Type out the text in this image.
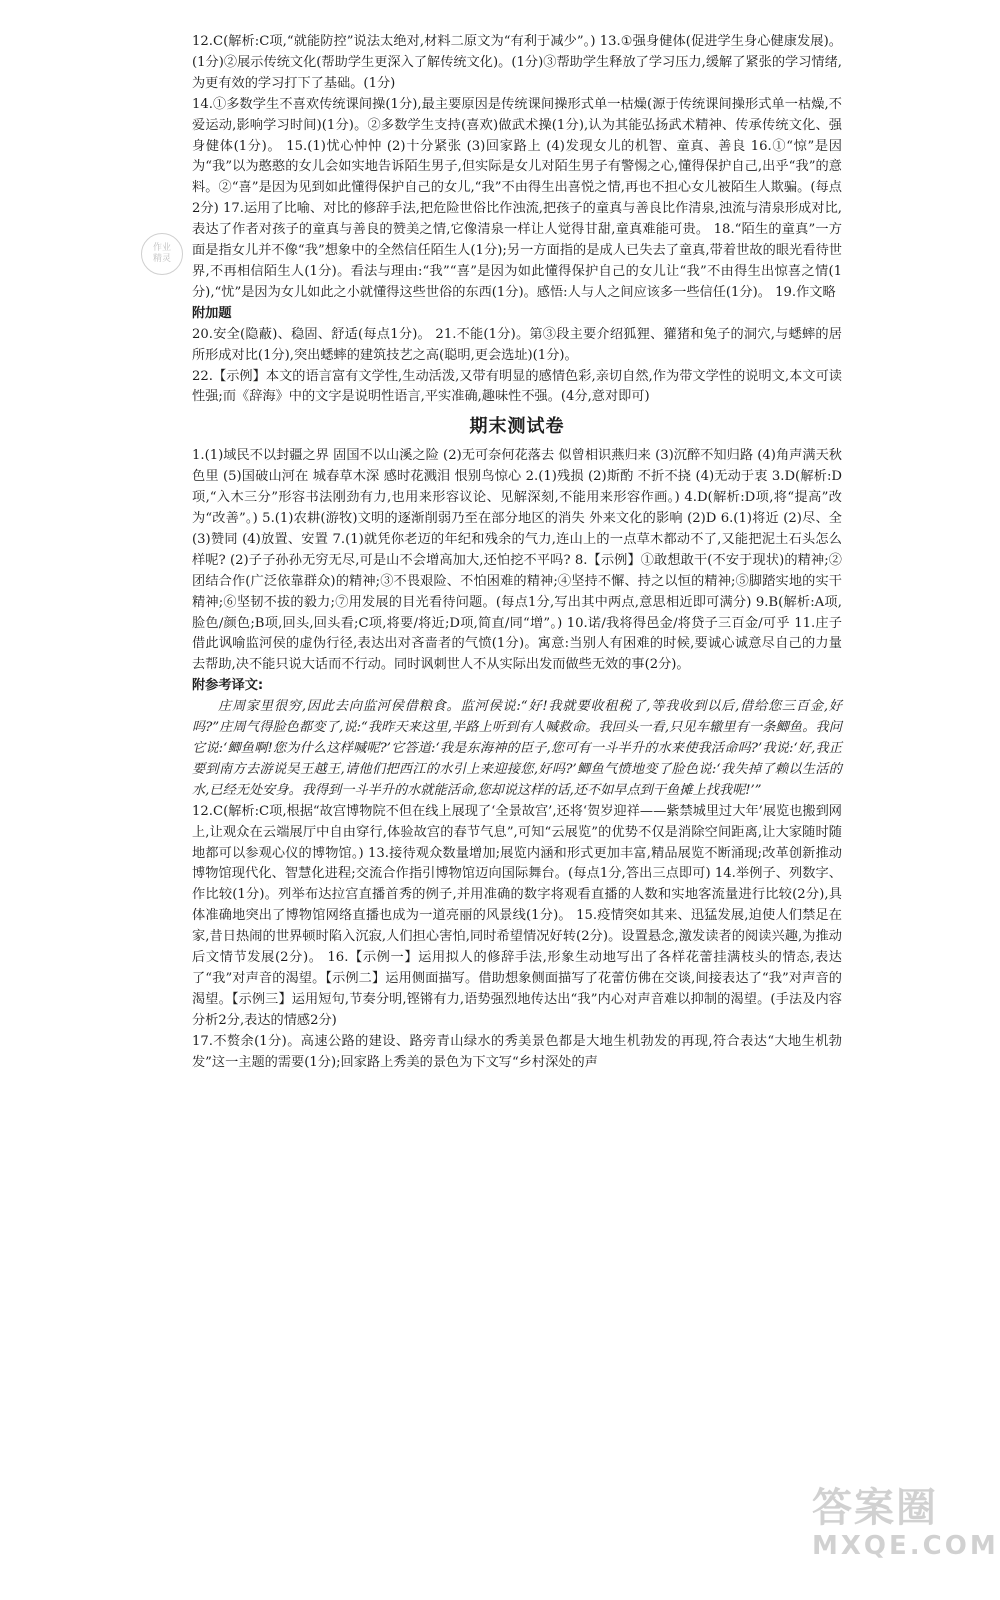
作业
精灵

12.C(解析:C项,“就能防控”说法太绝对,材料二原文为“有利于减少”。) 13.①强身健体(促进学生身心健康发展)。(1分)②展示传统文化(帮助学生更深入了解传统文化)。(1分)③帮助学生释放了学习压力,缓解了紧张的学习情绪,为更有效的学习打下了基础。(1分)

14.①多数学生不喜欢传统课间操(1分),最主要原因是传统课间操形式单一枯燥(源于传统课间操形式单一枯燥,不爱运动,影响学习时间)(1分)。②多数学生支持(喜欢)做武术操(1分),认为其能弘扬武术精神、传承传统文化、强身健体(1分)。 15.(1)忧心忡忡 (2)十分紧张 (3)回家路上 (4)发现女儿的机智、童真、善良 16.①“惊”是因为“我”以为憨憨的女儿会如实地告诉陌生男子,但实际是女儿对陌生男子有警惕之心,懂得保护自己,出乎“我”的意料。②“喜”是因为见到如此懂得保护自己的女儿,“我”不由得生出喜悦之情,再也不担心女儿被陌生人欺骗。(每点2分) 17.运用了比喻、对比的修辞手法,把危险世俗比作浊流,把孩子的童真与善良比作清泉,浊流与清泉形成对比,表达了作者对孩子的童真与善良的赞美之情,它像清泉一样让人觉得甘甜,童真难能可贵。 18.“陌生的童真”一方面是指女儿并不像“我”想象中的全然信任陌生人(1分);另一方面指的是成人已失去了童真,带着世故的眼光看待世界,不再相信陌生人(1分)。看法与理由:“我”“喜”是因为如此懂得保护自己的女儿让“我”不由得生出惊喜之情(1分),“忧”是因为女儿如此之小就懂得这些世俗的东西(1分)。感悟:人与人之间应该多一些信任(1分)。 19.作文略

附加题

20.安全(隐蔽)、稳固、舒适(每点1分)。 21.不能(1分)。第③段主要介绍狐狸、獾猪和兔子的洞穴,与蟋蟀的居所形成对比(1分),突出蟋蟀的建筑技艺之高(聪明,更会选址)(1分)。

22.【示例】本文的语言富有文学性,生动活泼,又带有明显的感情色彩,亲切自然,作为带文学性的说明文,本文可读性强;而《辞海》中的文字是说明性语言,平实准确,趣味性不强。(4分,意对即可)

期末测试卷

1.(1)域民不以封疆之界 固国不以山溪之险 (2)无可奈何花落去 似曾相识燕归来 (3)沉醉不知归路 (4)角声满天秋色里 (5)国破山河在 城春草木深 感时花溅泪 恨别鸟惊心 2.(1)残损 (2)斯酌 不折不挠 (4)无动于衷 3.D(解析:D项,“入木三分”形容书法刚劲有力,也用来形容议论、见解深刻,不能用来形容作画。) 4.D(解析:D项,将“提高”改为“改善”。) 5.(1)农耕(游牧)文明的逐渐削弱乃至在部分地区的消失 外来文化的影响 (2)D 6.(1)将近 (2)尽、全 (3)赞同 (4)放置、安置 7.(1)就凭你老迈的年纪和残余的气力,连山上的一点草木都动不了,又能把泥土石头怎么样呢? (2)子子孙孙无穷无尽,可是山不会增高加大,还怕挖不平吗? 8.【示例】①敢想敢干(不安于现状)的精神;②团结合作(广泛依靠群众)的精神;③不畏艰险、不怕困难的精神;④坚持不懈、持之以恒的精神;⑤脚踏实地的实干精神;⑥坚韧不拔的毅力;⑦用发展的目光看待问题。(每点1分,写出其中两点,意思相近即可满分) 9.B(解析:A项,脸色/颜色;B项,回头,回头看;C项,将要/将近;D项,简直/同“增”。) 10.诺/我将得邑金/将贷子三百金/可乎 11.庄子借此讽喻监河侯的虚伪行径,表达出对吝啬者的气愤(1分)。寓意:当别人有困难的时候,要诚心诚意尽自己的力量去帮助,决不能只说大话而不行动。同时讽刺世人不从实际出发而做些无效的事(2分)。

附参考译文:

庄周家里很穷,因此去向监河侯借粮食。监河侯说:“好!我就要收租税了,等我收到以后,借给您三百金,好吗?”庄周气得脸色都变了,说:“我昨天来这里,半路上听到有人喊救命。我回头一看,只见车辙里有一条鲫鱼。我问它说:‘鲫鱼啊!您为什么这样喊呢?’它答道:‘我是东海神的臣子,您可有一斗半升的水来使我活命吗?’我说:‘好,我正要到南方去游说吴王越王,请他们把西江的水引上来迎接您,好吗?’鲫鱼气愤地变了脸色说:‘我失掉了赖以生活的水,已经无处安身。我得到一斗半升的水就能活命,您却说这样的话,还不如早点到干鱼摊上找我呢!’”

12.C(解析:C项,根据“故宫博物院不但在线上展现了‘全景故宫’,还将‘贺岁迎祥——紫禁城里过大年’展览也搬到网上,让观众在云端展厅中自由穿行,体验故宫的春节气息”,可知“云展览”的优势不仅是消除空间距离,让大家随时随地都可以参观心仪的博物馆。) 13.接待观众数量增加;展览内涵和形式更加丰富,精品展览不断涌现;改革创新推动博物馆现代化、智慧化进程;交流合作指引博物馆迈向国际舞台。(每点1分,答出三点即可) 14.举例子、列数字、作比较(1分)。列举布达拉宫直播首秀的例子,并用准确的数字将观看直播的人数和实地客流量进行比较(2分),具体准确地突出了博物馆网络直播也成为一道亮丽的风景线(1分)。 15.疫情突如其来、迅猛发展,迫使人们禁足在家,昔日热闹的世界顿时陷入沉寂,人们担心害怕,同时希望情况好转(2分)。设置悬念,激发读者的阅读兴趣,为推动后文情节发展(2分)。 16.【示例一】运用拟人的修辞手法,形象生动地写出了各样花蕾挂满枝头的情态,表达了“我”对声音的渴望。【示例二】运用侧面描写。借助想象侧面描写了花蕾仿佛在交谈,间接表达了“我”对声音的渴望。【示例三】运用短句,节奏分明,铿锵有力,语势强烈地传达出“我”内心对声音难以抑制的渴望。(手法及内容分析2分,表达的情感2分)

17.不赘余(1分)。高速公路的建设、路旁青山绿水的秀美景色都是大地生机勃发的再现,符合表达“大地生机勃发”这一主题的需要(1分);回家路上秀美的景色为下文写“乡村深处的声

答案圈
MXQE.COM
